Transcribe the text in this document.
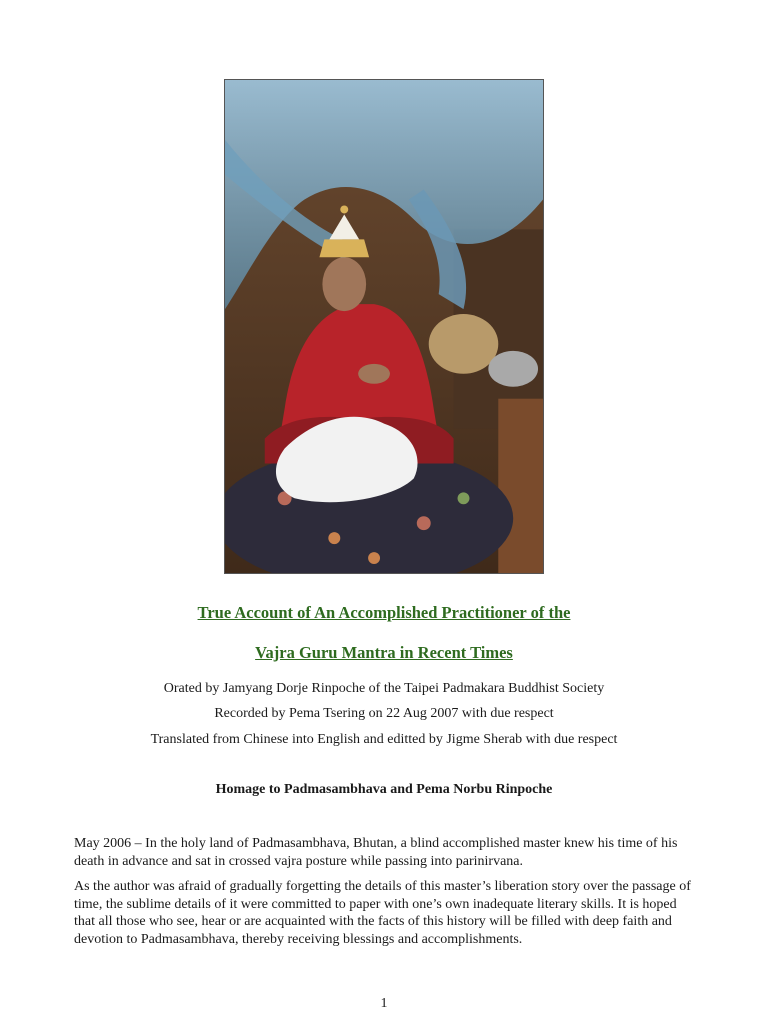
True Account of An Accomplished Practitioner of the
Vajra Guru Mantra in Recent Times
Orated by Jamyang Dorje Rinpoche of the Taipei Padmakara Buddhist Society
Recorded by Pema Tsering on 22 Aug 2007 with due respect
Translated from Chinese into English and editted by Jigme Sherab with due respect
Homage to Padmasambhava and Pema Norbu Rinpoche
May 2006 – In the holy land of Padmasambhava, Bhutan, a blind accomplished master knew his time of his death in advance and sat in crossed vajra posture while passing into parinirvana.
As the author was afraid of gradually forgetting the details of this master’s liberation story over the passage of time, the sublime details of it were committed to paper with one’s own inadequate literary skills. It is hoped that all those who see, hear or are acquainted with the facts of this history will be filled with deep faith and devotion to Padmasambhava, thereby receiving blessings and accomplishments.
1
